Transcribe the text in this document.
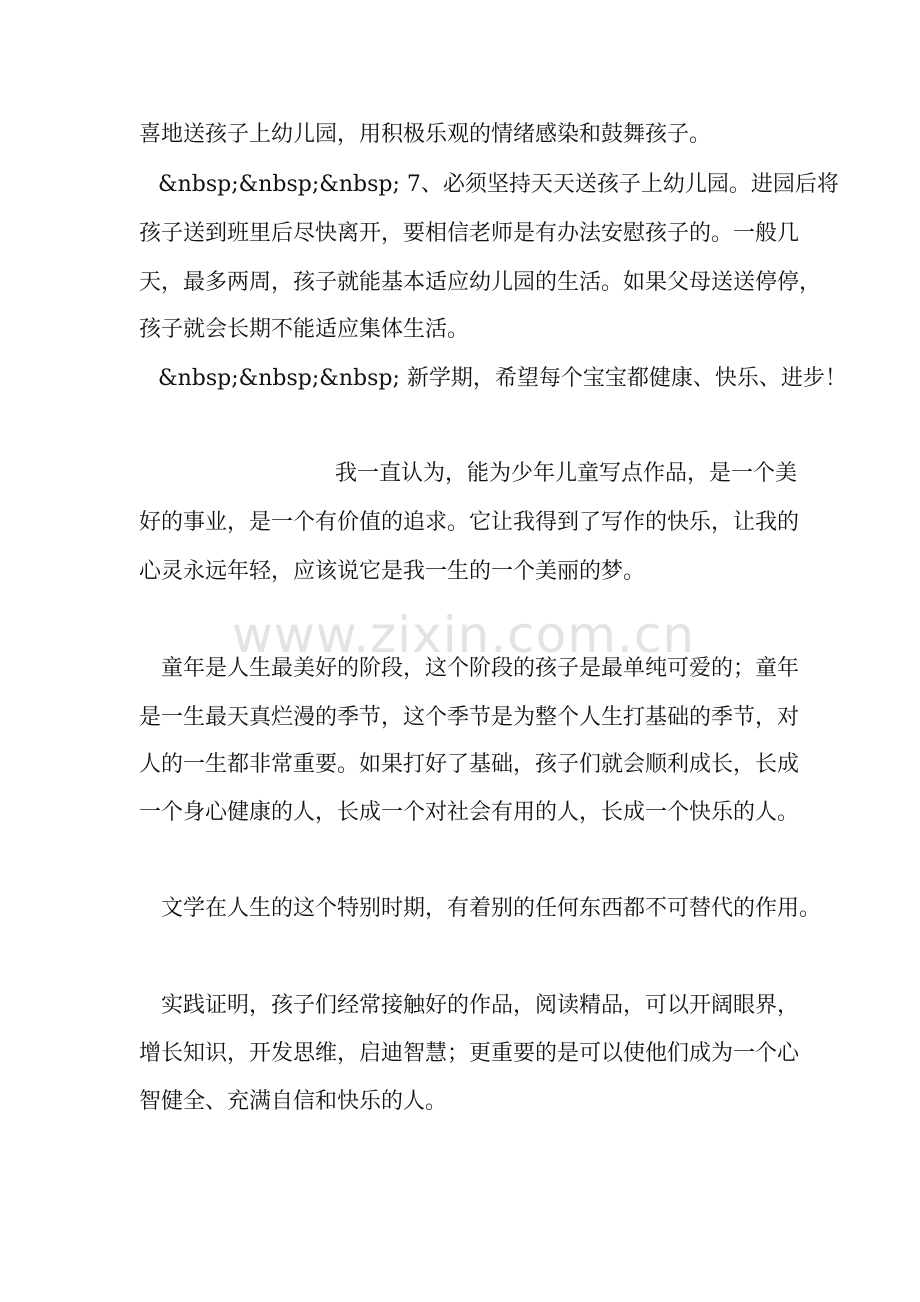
www.zixin.com.cn
喜地送孩子上幼儿园，用积极乐观的情绪感染和鼓舞孩子。
&nbsp;&nbsp;&nbsp; 7、必须坚持天天送孩子上幼儿园。进园后将
孩子送到班里后尽快离开，要相信老师是有办法安慰孩子的。一般几
天，最多两周，孩子就能基本适应幼儿园的生活。如果父母送送停停，
孩子就会长期不能适应集体生活。
&nbsp;&nbsp;&nbsp; 新学期，希望每个宝宝都健康、快乐、进步！
我一直认为，能为少年儿童写点作品，是一个美
好的事业，是一个有价值的追求。它让我得到了写作的快乐，让我的
心灵永远年轻，应该说它是我一生的一个美丽的梦。
童年是人生最美好的阶段，这个阶段的孩子是最单纯可爱的；童年
是一生最天真烂漫的季节，这个季节是为整个人生打基础的季节，对
人的一生都非常重要。如果打好了基础，孩子们就会顺利成长，长成
一个身心健康的人，长成一个对社会有用的人，长成一个快乐的人。
文学在人生的这个特别时期，有着别的任何东西都不可替代的作用。
实践证明，孩子们经常接触好的作品，阅读精品，可以开阔眼界，
增长知识，开发思维，启迪智慧；更重要的是可以使他们成为一个心
智健全、充满自信和快乐的人。
